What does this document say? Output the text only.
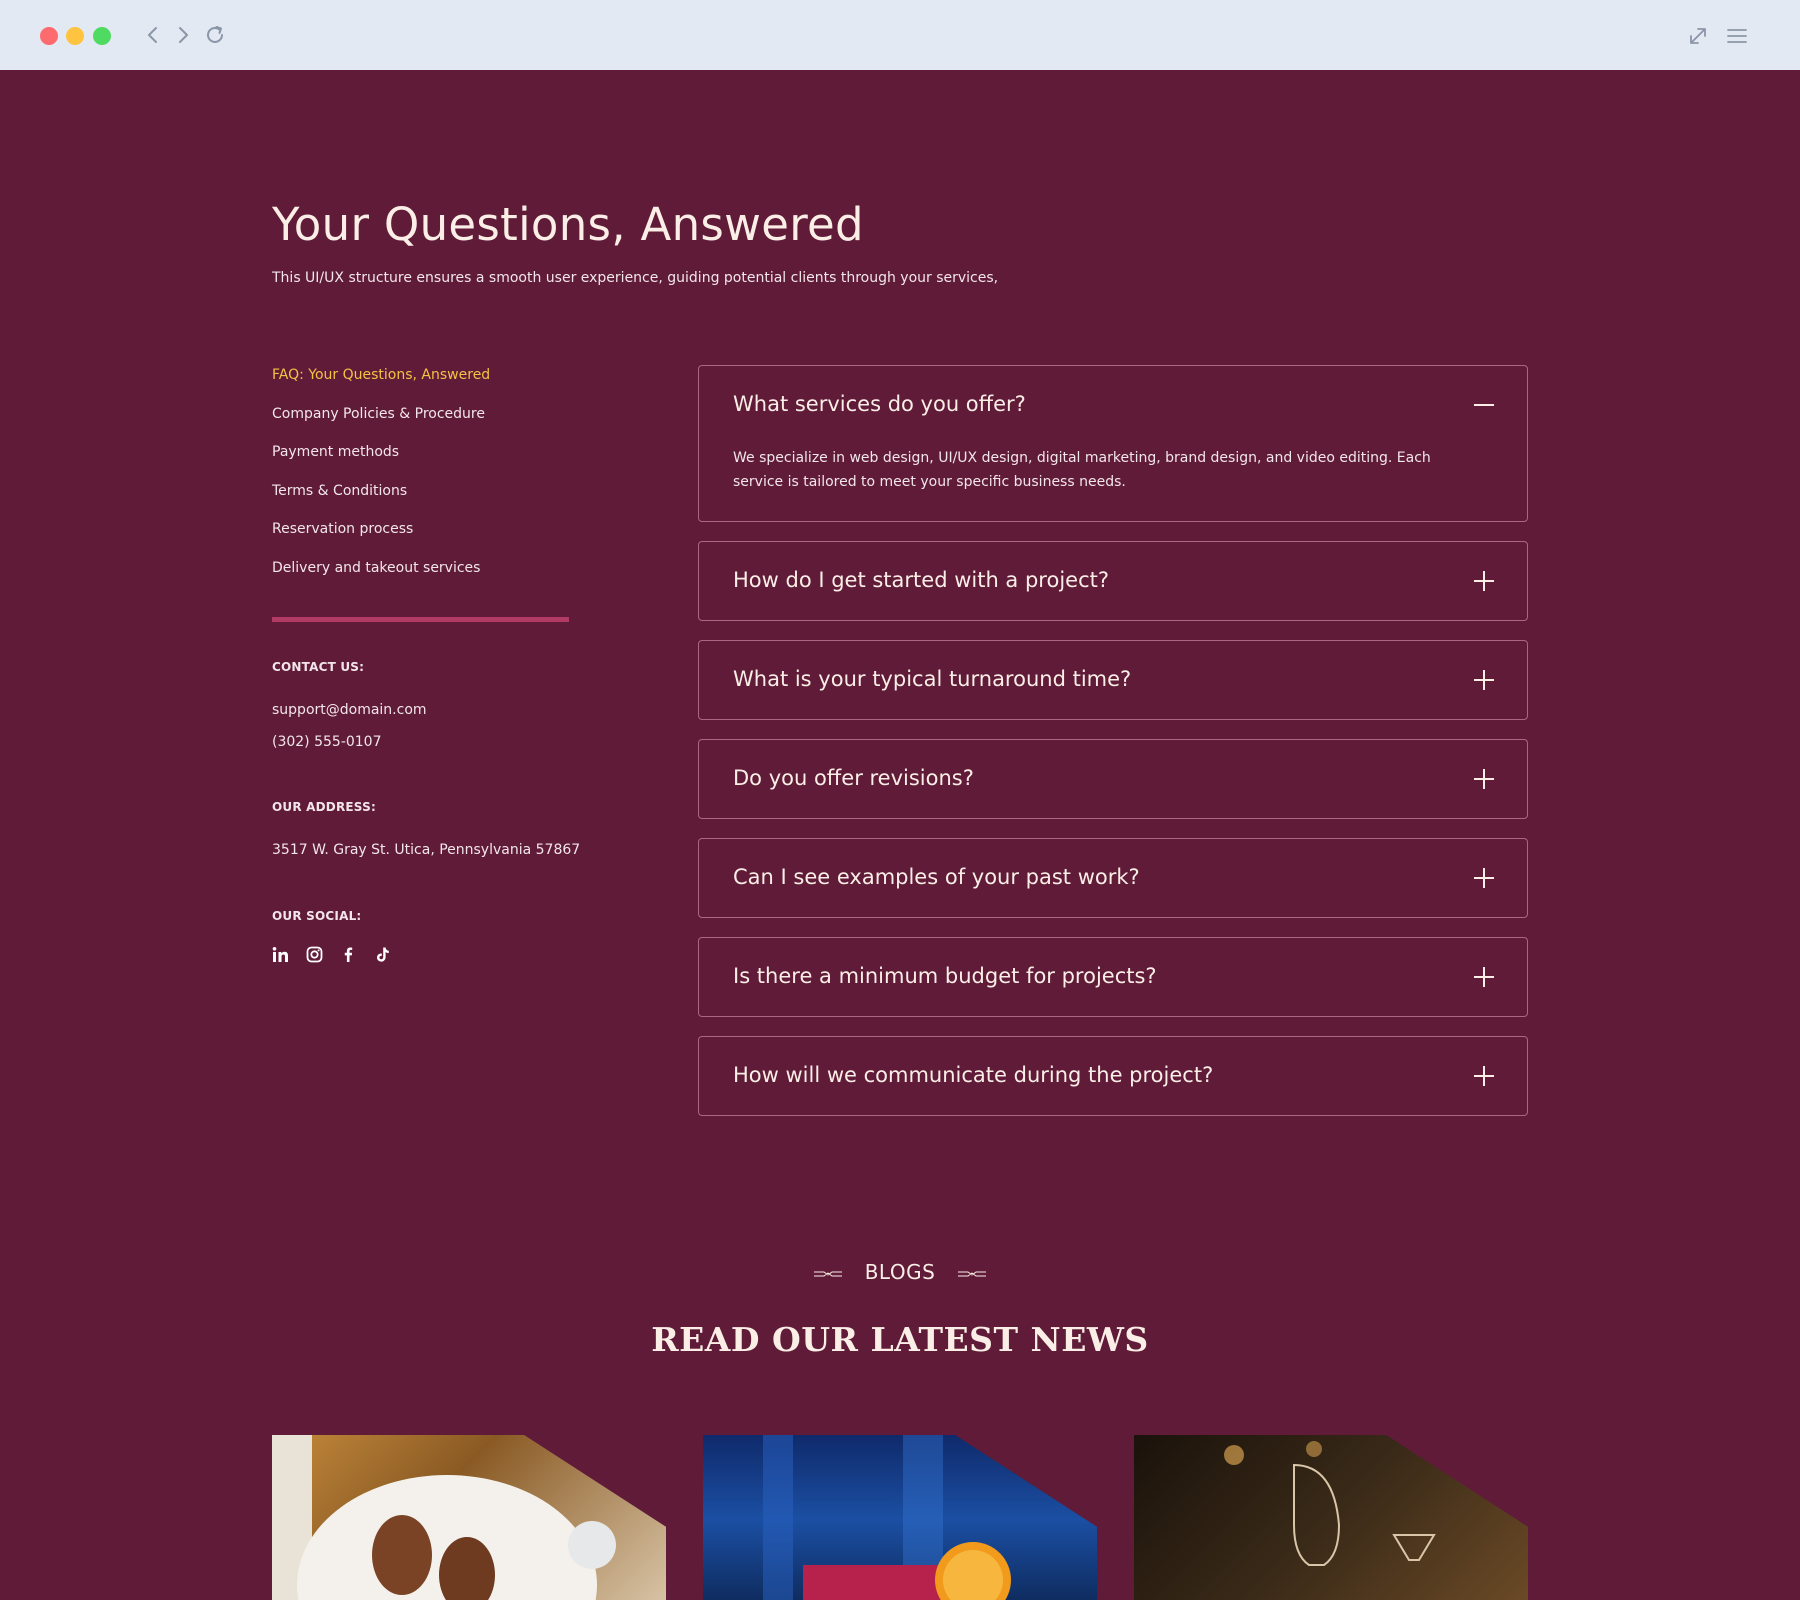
Your Questions, Answered

This UI/UX structure ensures a smooth user experience, guiding potential clients through your services,

FAQ: Your Questions, Answered
Company Policies & Procedure
Payment methods
Terms & Conditions
Reservation process
Delivery and takeout services
CONTACT US:
support@domain.com
(302) 555-0107
OUR ADDRESS:
3517 W. Gray St. Utica, Pennsylvania 57867
OUR SOCIAL:
What services do you offer?

We specialize in web design, UI/UX design, digital marketing, brand design, and video editing. Each service is tailored to meet your specific business needs.

How do I get started with a project?
What is your typical turnaround time?
Do you offer revisions?
Can I see examples of your past work?
Is there a minimum budget for projects?
How will we communicate during the project?
BLOGS
READ OUR LATEST NEWS
